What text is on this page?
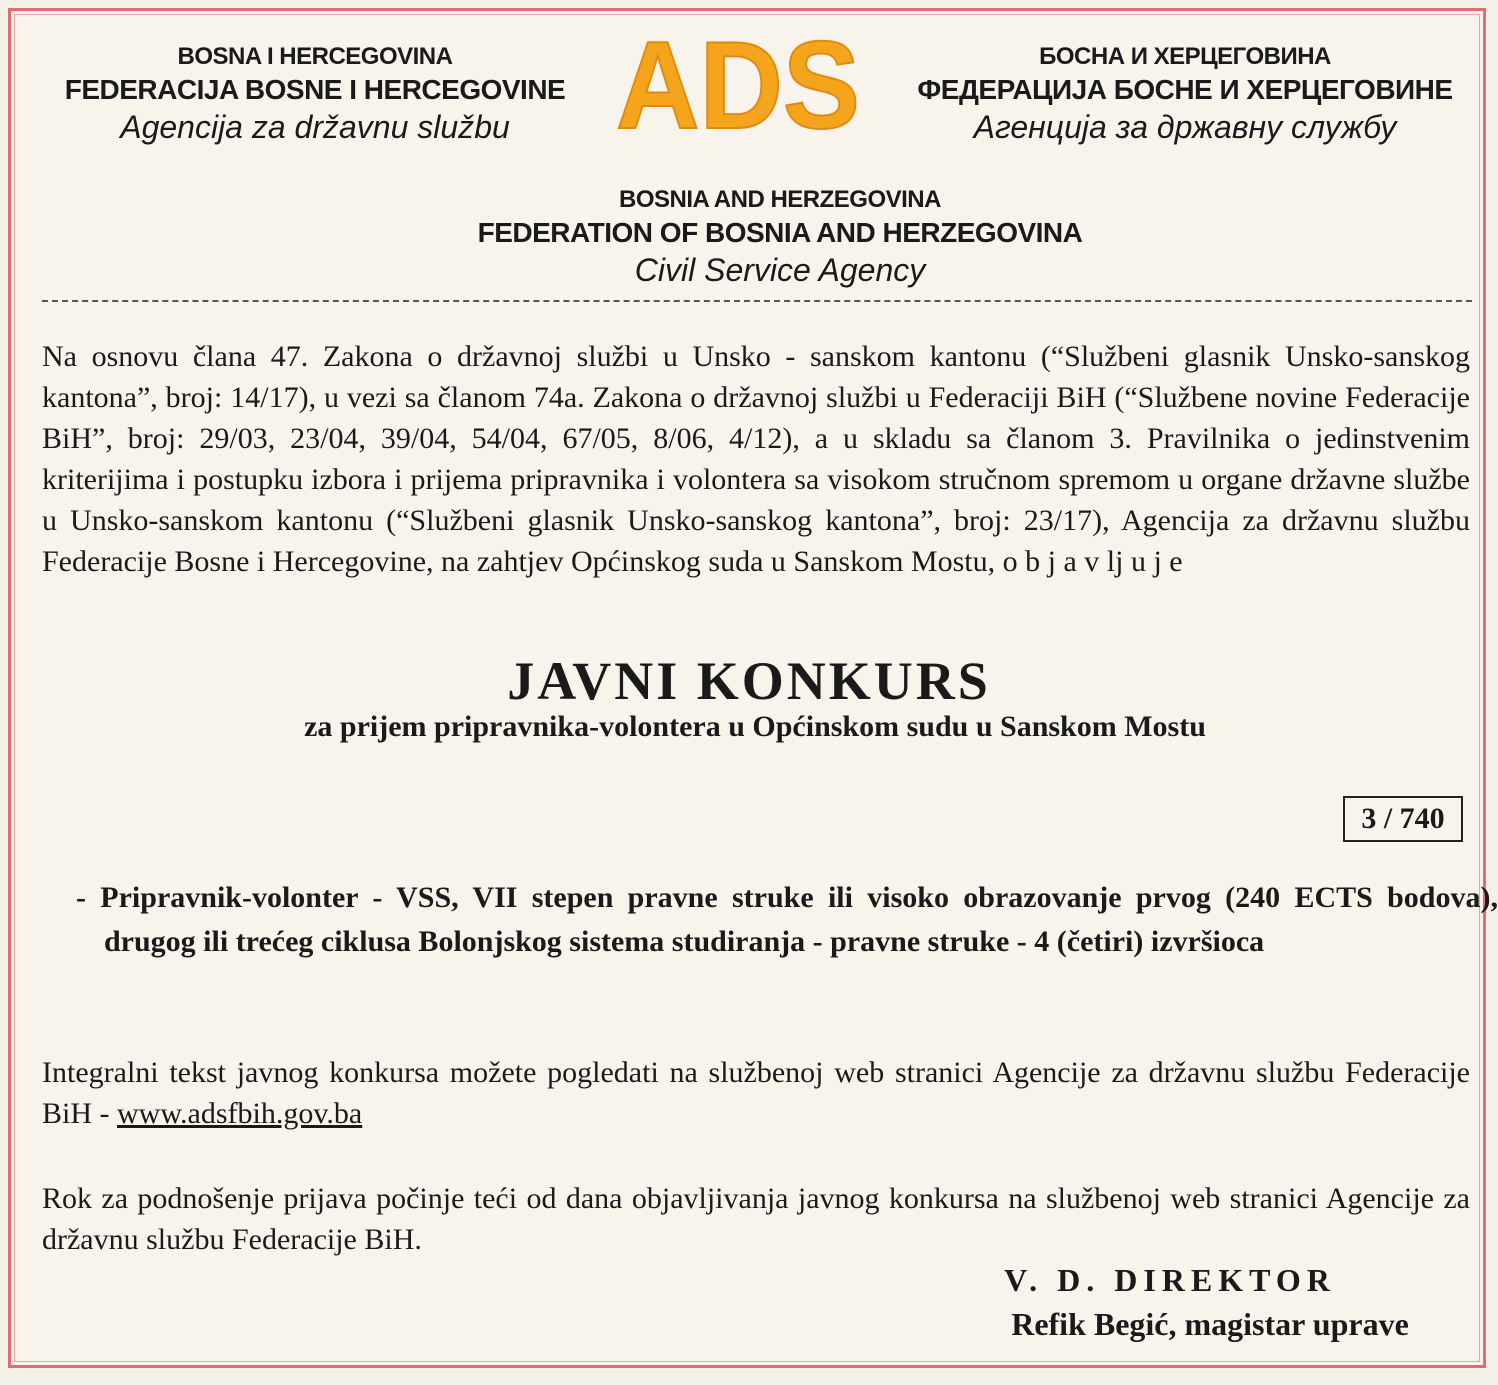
BOSNA I HERCEGOVINA
FEDERACIJA BOSNE I HERCEGOVINE
Agencija za državnu službu ADS	БОСНА И ХЕРЦЕГОВИНА
ФЕДЕРАЦИЈА БОСНЕ И ХЕРЦЕГОВИНЕ
Агенција за државну службу
BOSNIA AND HERZEGOVINA
FEDERATION OF BOSNIA AND HERZEGOVINA
Civil Service Agency

Na osnovu člana 47. Zakona o državnoj službi u Unsko - sanskom kantonu (“Službeni glasnik Unsko-sanskog kantona”, broj: 14/17), u vezi sa članom 74a. Zakona o državnoj službi u Federaciji BiH (“Službene novine Federacije BiH”, broj: 29/03, 23/04, 39/04, 54/04, 67/05, 8/06, 4/12), a u skladu sa članom 3. Pravilnika o jedinstvenim kriterijima i postupku izbora i prijema pripravnika i volontera sa visokom stručnom spremom u organe državne službe u Unsko-sanskom kantonu (“Službeni glasnik Unsko-sanskog kantona”, broj: 23/17), Agencija za državnu službu Federacije Bosne i Hercegovine, na zahtjev Općinskog suda u Sanskom Mostu, o b j a v lj u j e

JAVNI KONKURS
za prijem pripravnika-volontera u Općinskom sudu u Sanskom Mostu
3 / 740

- Pripravnik-volonter - VSS, VII stepen pravne struke ili visoko obrazovanje prvog (240 ECTS bodova), drugog ili trećeg ciklusa Bolonjskog sistema studiranja - pravne struke - 4 (četiri) izvršioca

Integralni tekst javnog konkursa možete pogledati na službenoj web stranici Agencije za državnu službu Federacije BiH - www.adsfbih.gov.ba

Rok za podnošenje prijava počinje teći od dana objavljivanja javnog konkursa na službenoj web stranici Agencije za državnu službu Federacije BiH.

V. D. DIREKTOR
Refik Begić, magistar uprave
